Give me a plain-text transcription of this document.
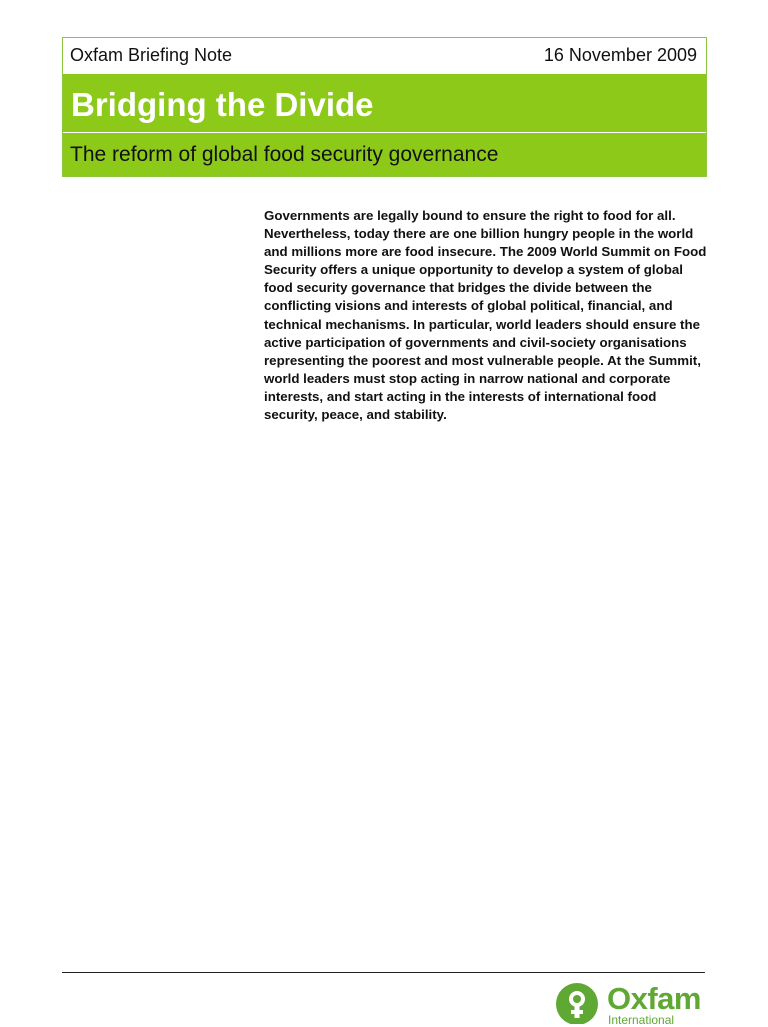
Oxfam Briefing Note	16 November 2009
Bridging the Divide
The reform of global food security governance

Governments are legally bound to ensure the right to food for all. Nevertheless, today there are one billion hungry people in the world and millions more are food insecure. The 2009 World Summit on Food Security offers a unique opportunity to develop a system of global food security governance that bridges the divide between the conflicting visions and interests of global political, financial, and technical mechanisms. In particular, world leaders should ensure the active participation of governments and civil-society organisations representing the poorest and most vulnerable people. At the Summit, world leaders must stop acting in narrow national and corporate interests, and start acting in the interests of international food security, peace, and stability.

Oxfam
International
